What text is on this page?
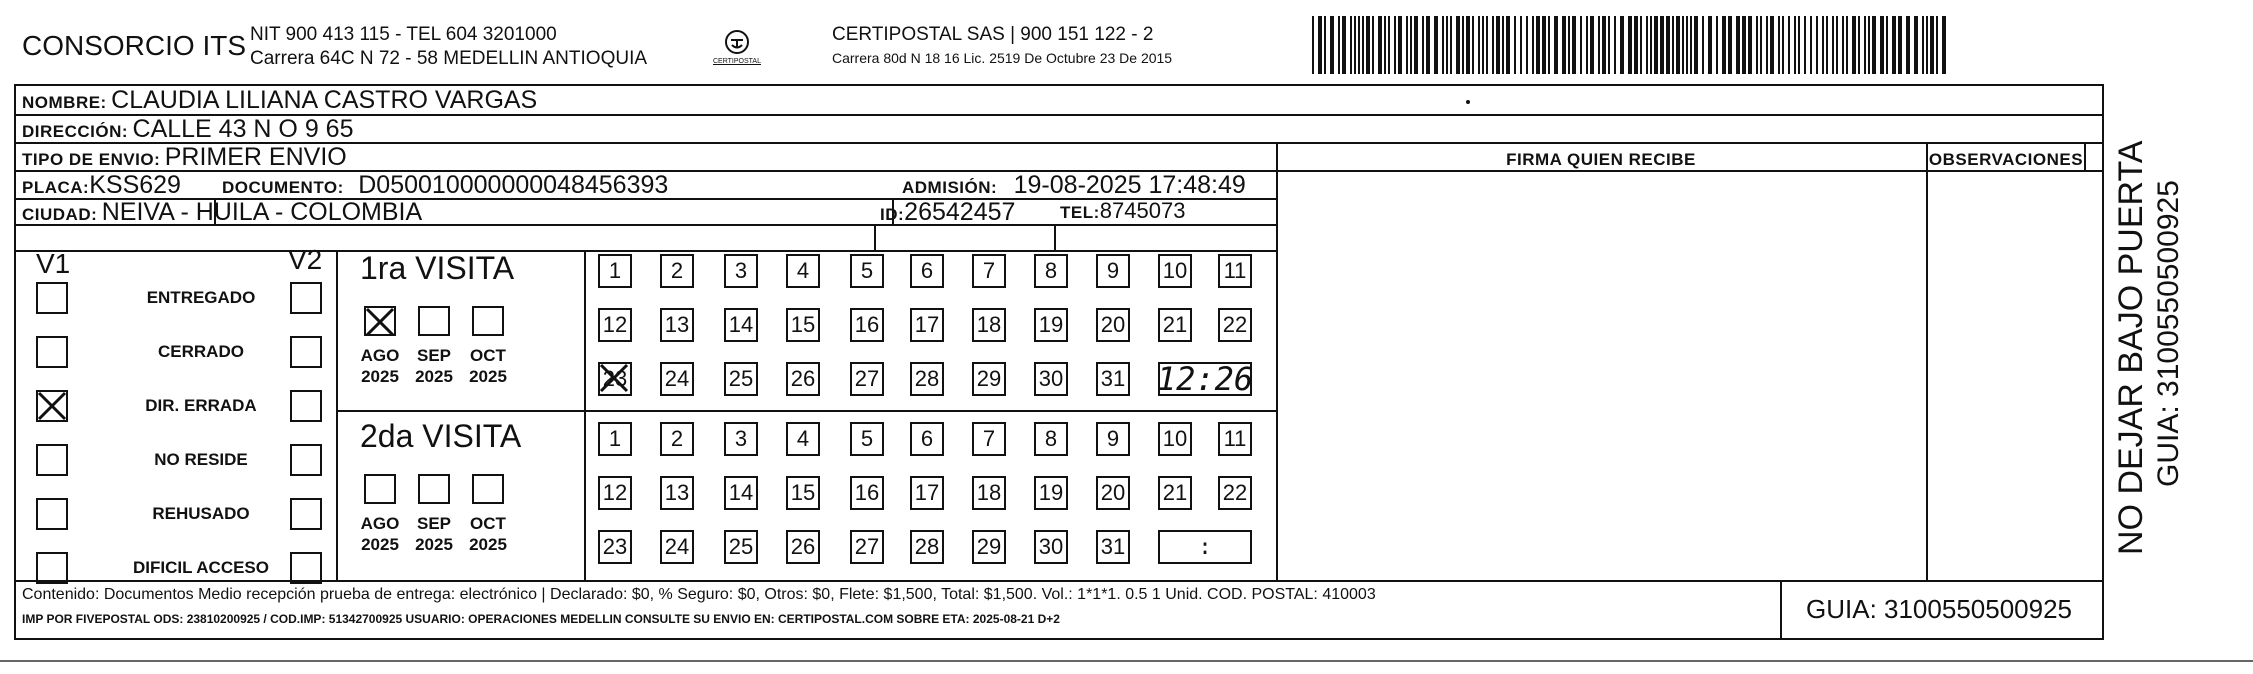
CONSORCIO ITS NIT 900 413 115 - TEL 604 3201000
Carrera 64C N 72 - 58 MEDELLIN ANTIOQUIA	CERTIPOSTAL
CERTIPOSTAL SAS | 900 151 122 - 2
Carrera 80d N 18 16 Lic. 2519 De Octubre 23 De 2015
NOMBRE: CLAUDIA LILIANA CASTRO VARGAS
DIRECCIÓN: CALLE 43 N O 9 65
TIPO DE ENVIO: PRIMER ENVIO	FIRMA QUIEN RECIBE	OBSERVACIONES
PLACA:KSS629 DOCUMENTO: D050010000000048456393	ADMISIÓN: 19-08-2025 17:48:49
CIUDAD: NEIVA - HUILA - COLOMBIA	ID:26542457	TEL:8745073
V1	V2
ENTREGADO
CERRADO
DIR. ERRADA
NO RESIDE
REHUSADO
DIFICIL ACCESO
1ra VISITA
2da VISITA
AGO
2025
SEP
2025
OCT
2025
1 2 3 4 5 6 7 8 9 10 11
12 13 14 15 16 17 18 19 20 21 22
23 24 25 26 27 28 29 30 31 12:26
AGO
2025
SEP
2025
OCT
2025
1 2 3 4 5 6 7 8 9 10 11
12 13 14 15 16 17 18 19 20 21 22
23 24 25 26 27 28 29 30 31	:
Contenido: Documentos Medio recepción prueba de entrega: electrónico | Declarado: $0, % Seguro: $0, Otros: $0, Flete: $1,500, Total: $1,500. Vol.: 1*1*1. 0.5 1 Unid. COD. POSTAL: 410003
IMP POR FIVEPOSTAL ODS: 23810200925 / COD.IMP: 51342700925 USUARIO: OPERACIONES MEDELLIN CONSULTE SU ENVIO EN: CERTIPOSTAL.COM SOBRE ETA: 2025-08-21 D+2	GUIA: 3100550500925
NO DEJAR BAJO PUERTA GUIA: 3100550500925
